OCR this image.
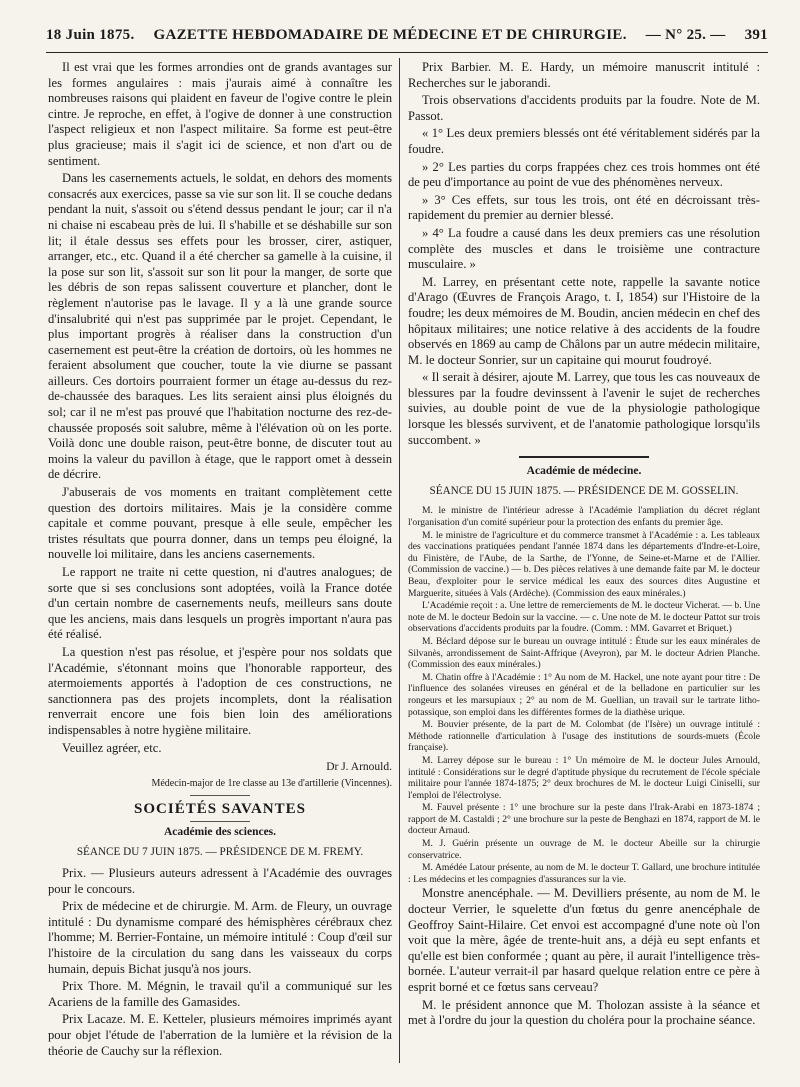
18 Juin 1875. GAZETTE HEBDOMADAIRE DE MÉDECINE ET DE CHIRURGIE. — N° 25. — 391

Il est vrai que les formes arrondies ont de grands avantages sur les formes angulaires : mais j'aurais aimé à connaître les nombreuses raisons qui plaident en faveur de l'ogive contre le plein cintre. Je reproche, en effet, à l'ogive de donner à une construction l'aspect religieux et non l'aspect militaire. Sa forme est peut-être plus gracieuse; mais il s'agit ici de science, et non d'art ou de sentiment.

Dans les casernements actuels, le soldat, en dehors des moments consacrés aux exercices, passe sa vie sur son lit. Il se couche dedans pendant la nuit, s'assoit ou s'étend dessus pendant le jour; car il n'a ni chaise ni escabeau près de lui. Il s'habille et se déshabille sur son lit; il étale dessus ses effets pour les brosser, cirer, astiquer, arranger, etc., etc. Quand il a été chercher sa gamelle à la cuisine, il la pose sur son lit, s'assoit sur son lit pour la manger, de sorte que les débris de son repas salissent couverture et plancher, dont le règlement n'autorise pas le lavage. Il y a là une grande source d'insalubrité qui n'est pas supprimée par le projet. Cependant, le plus important progrès à réaliser dans la construction d'un casernement est peut-être la création de dortoirs, où les hommes ne feraient absolument que coucher, toute la vie diurne se passant ailleurs. Ces dortoirs pourraient former un étage au-dessus du rez-de-chaussée des baraques. Les lits seraient ainsi plus éloignés du sol; car il ne m'est pas prouvé que l'habitation nocturne des rez-de-chaussée proposés soit salubre, même à l'élévation où on les porte. Voilà donc une double raison, peut-être bonne, de discuter tout au moins la valeur du pavillon à étage, que le rapport omet à dessein de décrire.

J'abuserais de vos moments en traitant complètement cette question des dortoirs militaires. Mais je la considère comme capitale et comme pouvant, presque à elle seule, empêcher les tristes résultats que pourra donner, dans un temps peu éloigné, la nouvelle loi militaire, dans les anciens casernements.

Le rapport ne traite ni cette question, ni d'autres analogues; de sorte que si ses conclusions sont adoptées, voilà la France dotée d'un certain nombre de casernements neufs, meilleurs sans doute que les anciens, mais dans lesquels un progrès important n'aura pas été réalisé.

La question n'est pas résolue, et j'espère pour nos soldats que l'Académie, s'étonnant moins que l'honorable rapporteur, des atermoiements apportés à l'adoption de ces constructions, ne sanctionnera pas des projets incomplets, dont la réalisation renverrait encore une fois bien loin des améliorations indispensables à notre hygiène militaire.

Veuillez agréer, etc.

Dr J. Arnould.
Médecin-major de 1re classe au 13e d'artillerie (Vincennes).
SOCIÉTÉS SAVANTES
Académie des sciences.
SÉANCE DU 7 JUIN 1875. — PRÉSIDENCE DE M. FREMY.

Prix. — Plusieurs auteurs adressent à l'Académie des ouvrages pour le concours.

Prix de médecine et de chirurgie. M. Arm. de Fleury, un ouvrage intitulé : Du dynamisme comparé des hémisphères cérébraux chez l'homme; M. Berrier-Fontaine, un mémoire intitulé : Coup d'œil sur l'histoire de la circulation du sang dans les vaisseaux du corps humain, depuis Bichat jusqu'à nos jours.

Prix Thore. M. Mégnin, le travail qu'il a communiqué sur les Acariens de la famille des Gamasides.

Prix Lacaze. M. E. Ketteler, plusieurs mémoires imprimés ayant pour objet l'étude de l'aberration de la lumière et la révision de la théorie de Cauchy sur la réflexion.

Prix Barbier. M. E. Hardy, un mémoire manuscrit intitulé : Recherches sur le jaborandi.

Trois observations d'accidents produits par la foudre. Note de M. Passot.

« 1° Les deux premiers blessés ont été véritablement sidérés par la foudre.

» 2° Les parties du corps frappées chez ces trois hommes ont été de peu d'importance au point de vue des phénomènes nerveux.

» 3° Ces effets, sur tous les trois, ont été en décroissant très-rapidement du premier au dernier blessé.

» 4° La foudre a causé dans les deux premiers cas une résolution complète des muscles et dans le troisième une contracture musculaire. »

M. Larrey, en présentant cette note, rappelle la savante notice d'Arago (Œuvres de François Arago, t. I, 1854) sur l'Histoire de la foudre; les deux mémoires de M. Boudin, ancien médecin en chef des hôpitaux militaires; une notice relative à des accidents de la foudre observés en 1869 au camp de Châlons par un autre médecin militaire, M. le docteur Sonrier, sur un capitaine qui mourut foudroyé.

« Il serait à désirer, ajoute M. Larrey, que tous les cas nouveaux de blessures par la foudre devinssent à l'avenir le sujet de recherches suivies, au double point de vue de la physiologie pathologique lorsque les blessés survivent, et de l'anatomie pathologique lorsqu'ils succombent. »

Académie de médecine.
SÉANCE DU 15 JUIN 1875. — PRÉSIDENCE DE M. GOSSELIN.

M. le ministre de l'intérieur adresse à l'Académie l'ampliation du décret réglant l'organisation d'un comité supérieur pour la protection des enfants du premier âge.

M. le ministre de l'agriculture et du commerce transmet à l'Académie : a. Les tableaux des vaccinations pratiquées pendant l'année 1874 dans les départements d'Indre-et-Loire, du Finistère, de l'Aube, de la Sarthe, de l'Yonne, de Seine-et-Marne et de l'Allier. (Commission de vaccine.) — b. Des pièces relatives à une demande faite par M. le docteur Beau, d'exploiter pour le service médical les eaux des sources dites Augustine et Marguerite, situées à Vals (Ardèche). (Commission des eaux minérales.)

L'Académie reçoit : a. Une lettre de remerciements de M. le docteur Vicherat. — b. Une note de M. le docteur Bedoin sur la vaccine. — c. Une note de M. le docteur Pattot sur trois observations d'accidents produits par la foudre. (Comm. : MM. Gavarret et Briquet.)

M. Béclard dépose sur le bureau un ouvrage intitulé : Étude sur les eaux minérales de Silvanès, arrondissement de Saint-Affrique (Aveyron), par M. le docteur Adrien Planche. (Commission des eaux minérales.)

M. Chatin offre à l'Académie : 1° Au nom de M. Hackel, une note ayant pour titre : De l'influence des solanées vireuses en général et de la belladone en particulier sur les rongeurs et les marsupiaux ; 2° au nom de M. Guellian, un travail sur le tartrate litho-potassique, son emploi dans les différentes formes de la diathèse urique.

M. Bouvier présente, de la part de M. Colombat (de l'Isère) un ouvrage intitulé : Méthode rationnelle d'articulation à l'usage des institutions de sourds-muets (École française).

M. Larrey dépose sur le bureau : 1° Un mémoire de M. le docteur Jules Arnould, intitulé : Considérations sur le degré d'aptitude physique du recrutement de l'école spéciale militaire pour l'année 1874-1875; 2° deux brochures de M. le docteur Luigi Ciniselli, sur l'emploi de l'électrolyse.

M. Fauvel présente : 1° une brochure sur la peste dans l'Irak-Arabi en 1873-1874 ; rapport de M. Castaldi ; 2° une brochure sur la peste de Benghazi en 1874, rapport de M. le docteur Arnaud.

M. J. Guérin présente un ouvrage de M. le docteur Abeille sur la chirurgie conservatrice.

M. Amédée Latour présente, au nom de M. le docteur T. Gallard, une brochure intitulée : Les médecins et les compagnies d'assurances sur la vie.

Monstre anencéphale. — M. Devilliers présente, au nom de M. le docteur Verrier, le squelette d'un fœtus du genre anencéphale de Geoffroy Saint-Hilaire. Cet envoi est accompagné d'une note où l'on voit que la mère, âgée de trente-huit ans, a déjà eu sept enfants et qu'elle est bien conformée ; quant au père, il aurait l'intelligence très-bornée. L'auteur verrait-il par hasard quelque relation entre ce père à esprit borné et ce fœtus sans cerveau?

M. le président annonce que M. Tholozan assiste à la séance et met à l'ordre du jour la question du choléra pour la prochaine séance.
